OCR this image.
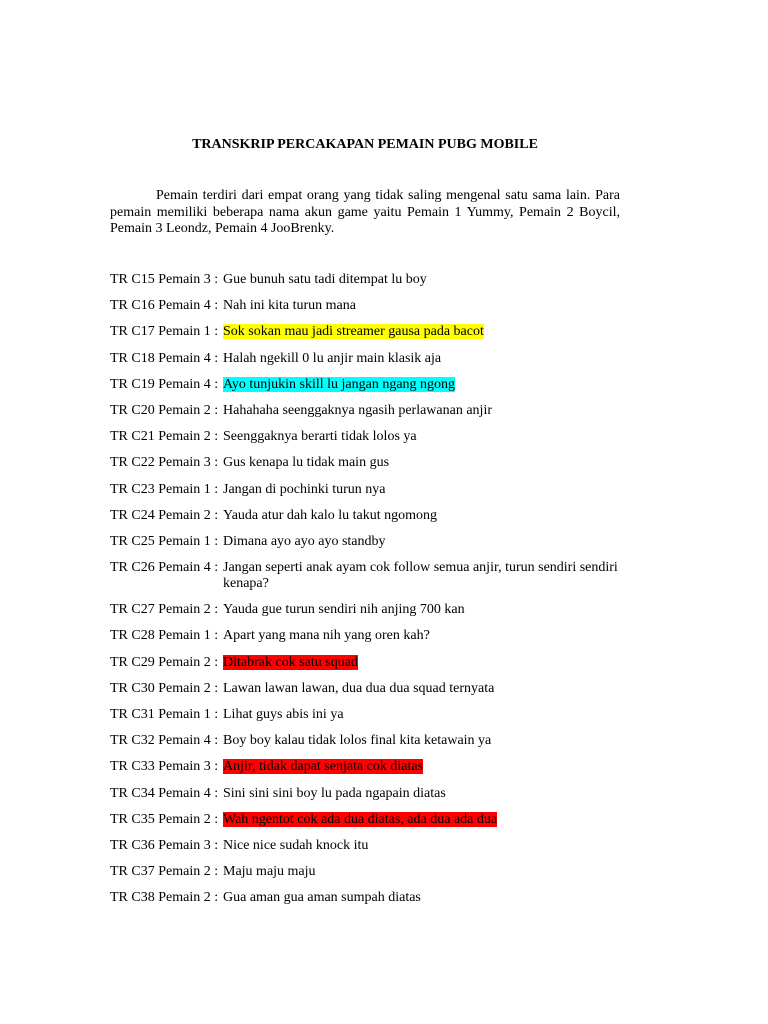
TRANSKRIP PERCAKAPAN PEMAIN PUBG MOBILE
Pemain terdiri dari empat orang yang tidak saling mengenal satu sama lain. Para pemain memiliki beberapa nama akun game yaitu Pemain 1 Yummy, Pemain 2 Boycil, Pemain 3 Leondz, Pemain 4 JooBrenky.
TR C15 Pemain 3 : Gue bunuh satu tadi ditempat lu boy
TR C16 Pemain 4 : Nah ini kita turun mana
TR C17 Pemain 1 : Sok sokan mau jadi streamer gausa pada bacot
TR C18 Pemain 4 : Halah ngekill 0 lu anjir main klasik aja
TR C19 Pemain 4 : Ayo tunjukin skill lu jangan ngang ngong
TR C20 Pemain 2 : Hahahaha seenggaknya ngasih perlawanan anjir
TR C21 Pemain 2 : Seenggaknya berarti tidak lolos ya
TR C22 Pemain 3 : Gus kenapa lu tidak main gus
TR C23 Pemain 1 : Jangan di pochinki turun nya
TR C24 Pemain 2 : Yauda atur dah kalo lu takut ngomong
TR C25 Pemain 1 : Dimana ayo ayo ayo standby
TR C26 Pemain 4 : Jangan seperti anak ayam cok follow semua anjir, turun sendiri sendiri kenapa?
TR C27 Pemain 2 : Yauda gue turun sendiri nih anjing 700 kan
TR C28 Pemain 1 : Apart yang mana nih yang oren kah?
TR C29 Pemain 2 : Ditabrak cok satu squad
TR C30 Pemain 2 : Lawan lawan lawan, dua dua dua squad ternyata
TR C31 Pemain 1 : Lihat guys abis ini ya
TR C32 Pemain 4 : Boy boy kalau tidak lolos final kita ketawain ya
TR C33 Pemain 3 : Anjir, tidak dapat senjata cok diatas
TR C34 Pemain 4 : Sini sini sini boy lu pada ngapain diatas
TR C35 Pemain 2 : Wah ngentot cok ada dua diatas, ada dua ada dua
TR C36 Pemain 3 : Nice nice sudah knock itu
TR C37 Pemain 2 : Maju maju maju
TR C38 Pemain 2 : Gua aman gua aman sumpah diatas
